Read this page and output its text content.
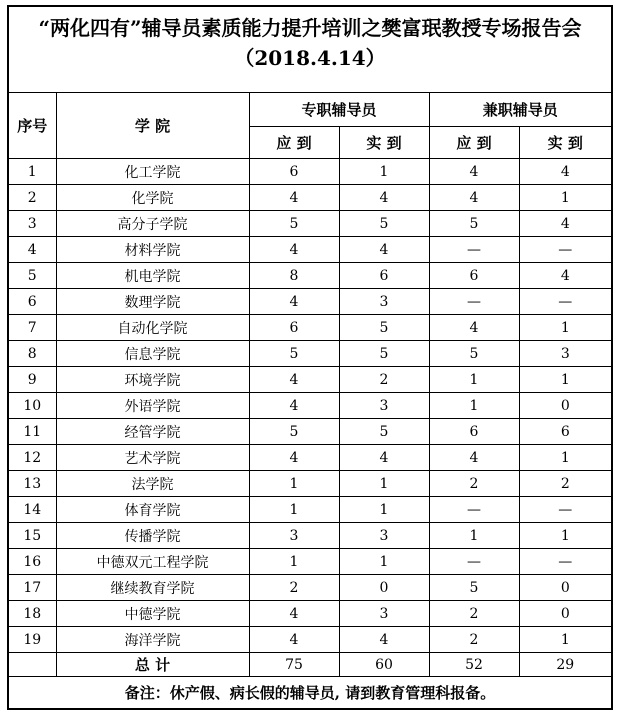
“两化四有”辅导员素质能力提升培训之樊富珉教授专场报告会
（2018.4.14）					

序号	学 院	专职辅导员		兼职辅导员	
		应 到	实 到	应 到	实 到
1	化工学院	6	1	4	4
2	化学院	4	4	4	1
3	高分子学院	5	5	5	4
4	材料学院	4	4	—	—
5	机电学院	8	6	6	4
6	数理学院	4	3	—	—
7	自动化学院	6	5	4	1
8	信息学院	5	5	5	3
9	环境学院	4	2	1	1
10	外语学院	4	3	1	0
11	经管学院	5	5	6	6
12	艺术学院	4	4	4	1
13	法学院	1	1	2	2
14	体育学院	1	1	—	—
15	传播学院	3	3	1	1
16	中德双元工程学院	1	1	—	—
17	继续教育学院	2	0	5	0
18	中德学院	4	3	2	0
19	海洋学院	4	4	2	1
	总 计	75	60	52	29
备注：休产假、病长假的辅导员, 请到教育管理科报备。					
